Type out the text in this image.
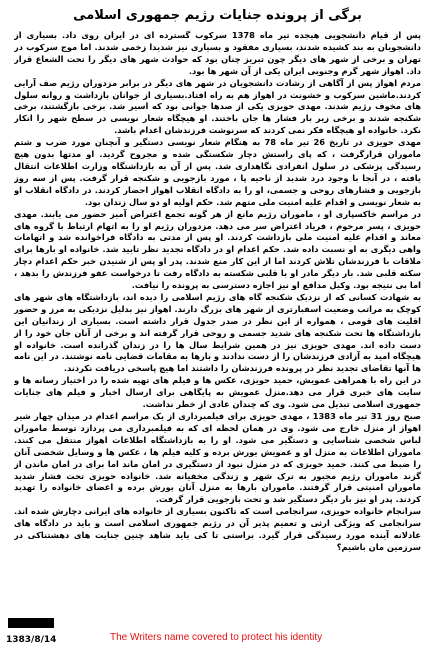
برگی از پرونده جنایات رژیم جمهوری اسلامی

پس از قیام دانشجویی هیجده تیر ماه 1378 سرکوب گسترده ای در ایران روی داد. بسیاری از دانشجویان به بند کشیده شدند، بسیاری مفقود و بسیاری نیز شدیدا زخمی شدند. اما موج سرکوب در تهران و برخی از شهر های دیگر چون تبریز چنان بود که حوادث شهر های دیگر را تحت الشعاع قرار داد. اهواز شهر گرم وجنوبی ایران یکی از آن شهر ها بود.

مردم اهواز پس از آگاهی از رشادت دانشجویان در شهر های دیگر در برابر مزدوران رژیم صف آرایی کردند.ماشین سرکوب و خشونت در اهواز هم به راه افتاد.بسیاری از جوانان بازداشت و روانه سلول های مخوف رژیم شدند. مهدی حویزی یکی از صدها جوانی بود که اسیر شد. برخی بازگشتند، برخی شکنجه شدند و برخی زیر بار فشار ها جان باختند. او هیچگاه شعار نویسی در سطح شهر را انکار نکرد. خانواده او هیچگاه فکر نمی کردند که سرنوشت فرزندشان اعدام باشد.

مهدی حویزی در تاریخ 26 تیر ماه 78 به هنگام شعار نویسی دستگیر و آنچنان مورد ضرب و شتم ماموران قرارگرفت ، که پای راستش دچار شکستگی شده و مجروح گردید. او مدتها بدون هیچ رسیدگی پزشکی در سلول انفرادی نگاهداری شد. پس از آن به بازداشتگاه وزارت اطلاعات انتقال یافته ، در آنجا با وجود درد شدید از ناحیه پا ، مورد بازجویی و شکنجه قرار گرفت. پس از سه روز بازجویی و فشارهای روحی و جسمی، او را به دادگاه انقلاب اهواز احضار کردند. در دادگاه انقلاب او به شعار نویسی و اقدام علیه امنیت ملی متهم شد. حکم اولیه او دو سال زندان بود.

در مراسم خاکسپاری او ، ماموران رژیم مانع از هر گونه تجمع اعتراض آمیز حضور می یابند. مهدی حویزی ، پسر مرحوم ، فریاد اعتراض سر می دهد. مزدوران رژیم او را به اتهام ارتباط با گروه های معاند و اقدام علیه امنیت ملی بازداشت کردند. او پس از مدتی به دادگاه فراخوانده شد و اتهامات واهی دیگری به او نسبت داده شد. حکم اعدام او در دادگاه تجدید نظر تایید شد. خانواده او بارها برای ملاقات با فرزندشان تلاش کردند اما از این کار منع شدند. پدر او پس از شنیدن خبر حکم اعدام دچار سکته قلبی شد. بار دیگر مادر او با قلبی شکسته به دادگاه رفت تا درخواست عفو فرزندش را بدهد ، اما بی نتیجه بود. وکیل مدافع او نیز اجازه دسترسی به پرونده را نیافت.

به شهادت کسانی که از نزدیک شکنجه گاه های رژیم اسلامی را دیده اند، بازداشتگاه های شهر های کوچک به مراتب وضعیت اسفبارتری از شهر های بزرگ دارند. اهواز نیز بدلیل نزدیکی به مرز و حضور اقلیت های قومی ، همواره از این نظر در صدر جدول قرار داشته است. بسیاری از زندانیان این بازداشتگاه ها تحت شکنجه های شدید جسمی و روحی قرار گرفته اند و برخی از آنان جان خود را از دست داده اند. مهدی حویزی نیز در همین شرایط سال ها را در زندان گذرانده است. خانواده او هیچگاه امید به آزادی فرزندشان را از دست ندادند و بارها به مقامات قضایی نامه نوشتند. در این نامه ها آنها تقاضای تجدید نظر در پرونده فرزندشان را داشتند اما هیچ پاسخی دریافت نکردند.

در این راه با همراهی عمویش، حمید حویزی، عکس ها و فیلم های تهیه شده را در اختیار رسانه ها و سایت های خبری قرار می دهد.منزل عمویش به پایگاهی برای ارسال اخبار و فیلم های جنایات جمهوری اسلامی تبدیل می شود. وی که چندان عادی از خطر نداشت.

صبح روز 31 تیر ماه 1383 ، مهدی حویزی برای فیلمبرداری از یک مراسم اعدام در میدان چهار شیر اهواز از منزل خارج می شود. وی در همان لحظه ای که به فیلمبرداری می پردازد توسط ماموران لباس شخصی شناسایی و دستگیر می شود. او را به بازداشتگاه اطلاعات اهواز منتقل می کنند. ماموران اطلاعات به منزل او و عمویش یورش برده و کلیه فیلم ها ، عکس ها و وسایل شخصی آنان را ضبط می کنند. حمید حویزی که در منزل نبود از دستگیری در امان ماند اما برای در امان ماندن از گزند ماموران رژیم مجبور به ترک شهر و زندگی مخفیانه شد. خانواده حویزی تحت فشار شدید ماموران امنیتی قرار گرفتند. ماموران بارها به منزل آنان یورش برده و اعضای خانواده را تهدید کردند. پدر او نیز بار دیگر دستگیر شد و تحت بازجویی قرار گرفت.

سرانجام خانواده حویزی، سرانجامی است که تاکنون بسیاری از خانواده های ایرانی دچارش شده اند. سرانجامی که ویژگی ارثی و تعمیم پذیر آن در رژیم جمهوری اسلامی است و باید در دادگاه های عادلانه آینده مورد رسیدگی قرار گیرد. براستی تا کی باید شاهد چنین جنایت های دهشتناکی در سرزمین مان باشیم؟

1383/8/14	The Writers name covered to protect his identity
